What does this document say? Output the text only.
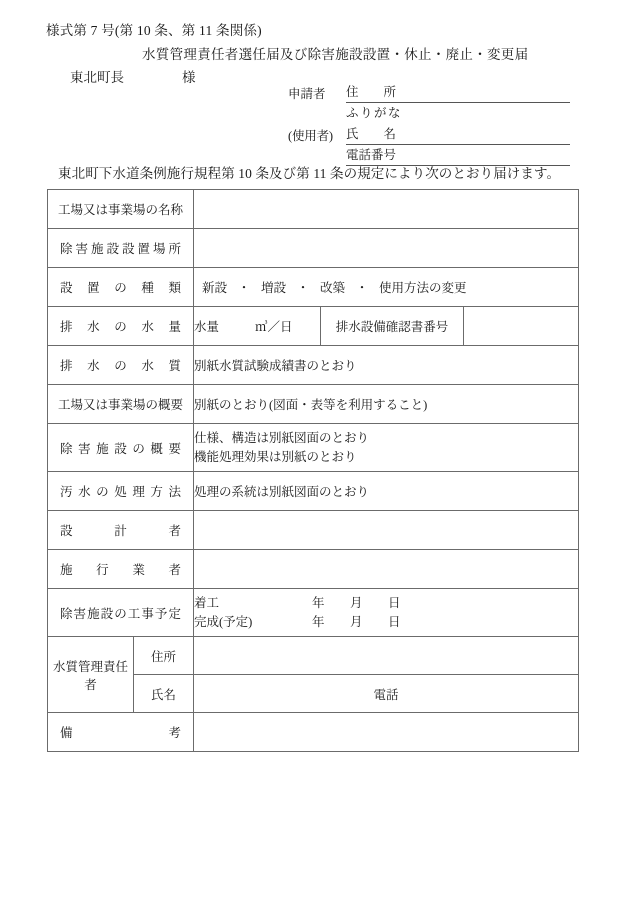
様式第 7 号(第 10 条、第 11 条関係)
水質管理責任者選任届及び除害施設設置・休止・廃止・変更届
東北町長	様
申請者	住　　所
ふりがな
(使用者)	氏　　名
電話番号
東北町下水道条例施行規程第 10 条及び第 11 条の規定により次のとおり届けます。
工場又は事業場の名称				

除害施設設置場所				

設置の種類		新設 ・ 増設 ・ 改築 ・ 使用方法の変更		

排水の水量		水量 ㎥／日	排水設備確認書番号	

排水の水質		別紙水質試験成績書のとおり		

工場又は事業場の概要		別紙のとおり(図面・表等を利用すること)		

除害施設の概要		仕様、構造は別紙図面のとおり
機能処理効果は別紙のとおり		

汚水の処理方法		処理の系統は別紙図面のとおり		

設計者				

施行業者				

除害施設の工事予定

着工	年	月	日
完成(予定)	年	月	日

水質管理責任者	住所			
	氏名	電話		

備考				
